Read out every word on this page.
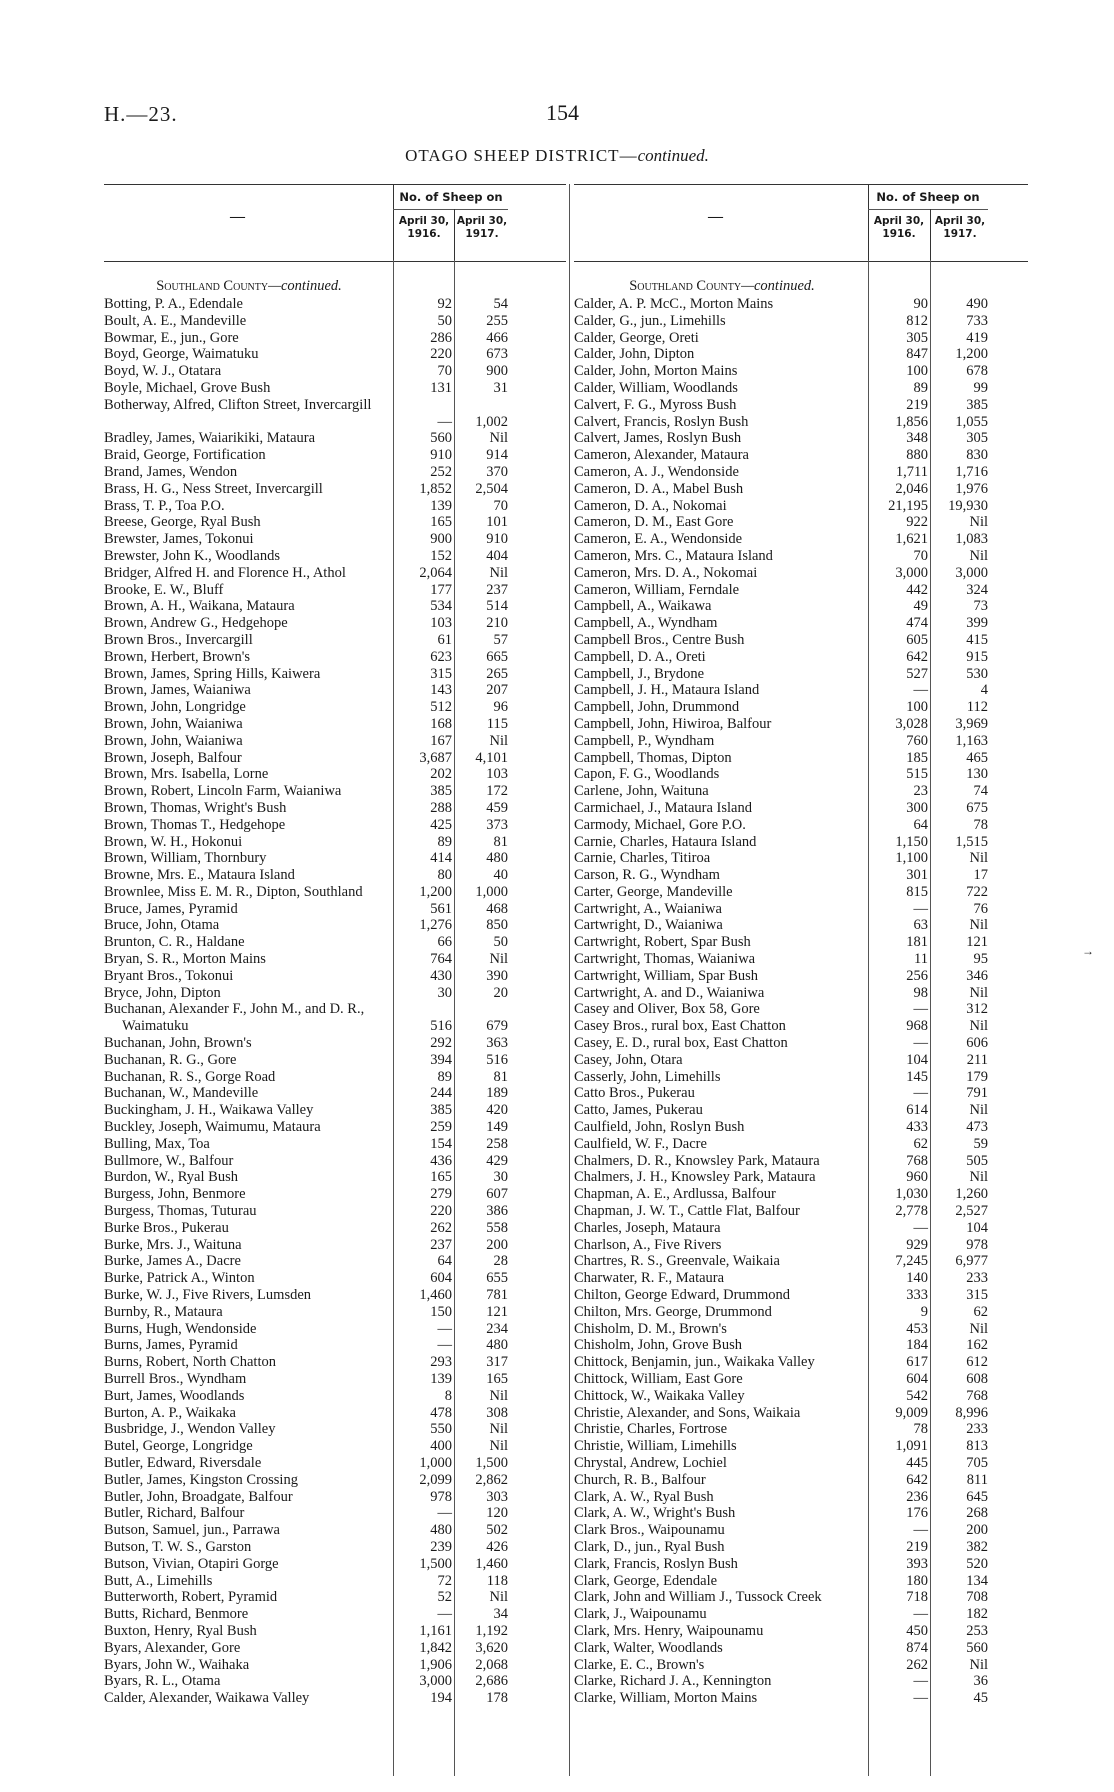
H.—23.	154
OTAGO SHEEP DISTRICT—continued.
—
No. of Sheep on
April 30, 1916.
April 30, 1917.
Southland County—continued.
Botting, P. A., Edendale	92	54
Boult, A. E., Mandeville	50	255
Bowmar, E., jun., Gore	286	466
Boyd, George, Waimatuku	220	673
Boyd, W. J., Otatara	70	900
Boyle, Michael, Grove Bush	131	31
Botherway, Alfred, Clifton Street, Invercargill
—	1,002
Bradley, James, Waiarikiki, Mataura	560	Nil
Braid, George, Fortification	910	914
Brand, James, Wendon	252	370
Brass, H. G., Ness Street, Invercargill	1,852	2,504
Brass, T. P., Toa P.O.	139	70
Breese, George, Ryal Bush	165	101
Brewster, James, Tokonui	900	910
Brewster, John K., Woodlands	152	404
Bridger, Alfred H. and Florence H., Athol	2,064	Nil
Brooke, E. W., Bluff	177	237
Brown, A. H., Waikana, Mataura	534	514
Brown, Andrew G., Hedgehope	103	210
Brown Bros., Invercargill	61	57
Brown, Herbert, Brown's	623	665
Brown, James, Spring Hills, Kaiwera	315	265
Brown, James, Waianiwa	143	207
Brown, John, Longridge	512	96
Brown, John, Waianiwa	168	115
Brown, John, Waianiwa	167	Nil
Brown, Joseph, Balfour	3,687	4,101
Brown, Mrs. Isabella, Lorne	202	103
Brown, Robert, Lincoln Farm, Waianiwa	385	172
Brown, Thomas, Wright's Bush	288	459
Brown, Thomas T., Hedgehope	425	373
Brown, W. H., Hokonui	89	81
Brown, William, Thornbury	414	480
Browne, Mrs. E., Mataura Island	80	40
Brownlee, Miss E. M. R., Dipton, Southland	1,200	1,000
Bruce, James, Pyramid	561	468
Bruce, John, Otama	1,276	850
Brunton, C. R., Haldane	66	50
Bryan, S. R., Morton Mains	764	Nil
Bryant Bros., Tokonui	430	390
Bryce, John, Dipton	30	20
Buchanan, Alexander F., John M., and D. R., Waimatuku	516	679
Buchanan, John, Brown's	292	363
Buchanan, R. G., Gore	394	516
Buchanan, R. S., Gorge Road	89	81
Buchanan, W., Mandeville	244	189
Buckingham, J. H., Waikawa Valley	385	420
Buckley, Joseph, Waimumu, Mataura	259	149
Bulling, Max, Toa	154	258
Bullmore, W., Balfour	436	429
Burdon, W., Ryal Bush	165	30
Burgess, John, Benmore	279	607
Burgess, Thomas, Tuturau	220	386
Burke Bros., Pukerau	262	558
Burke, Mrs. J., Waituna	237	200
Burke, James A., Dacre	64	28
Burke, Patrick A., Winton	604	655
Burke, W. J., Five Rivers, Lumsden	1,460	781
Burnby, R., Mataura	150	121
Burns, Hugh, Wendonside	—	234
Burns, James, Pyramid	—	480
Burns, Robert, North Chatton	293	317
Burrell Bros., Wyndham	139	165
Burt, James, Woodlands	8	Nil
Burton, A. P., Waikaka	478	308
Busbridge, J., Wendon Valley	550	Nil
Butel, George, Longridge	400	Nil
Butler, Edward, Riversdale	1,000	1,500
Butler, James, Kingston Crossing	2,099	2,862
Butler, John, Broadgate, Balfour	978	303
Butler, Richard, Balfour	—	120
Butson, Samuel, jun., Parrawa	480	502
Butson, T. W. S., Garston	239	426
Butson, Vivian, Otapiri Gorge	1,500	1,460
Butt, A., Limehills	72	118
Butterworth, Robert, Pyramid	52	Nil
Butts, Richard, Benmore	—	34
Buxton, Henry, Ryal Bush	1,161	1,192
Byars, Alexander, Gore	1,842	3,620
Byars, John W., Waihaka	1,906	2,068
Byars, R. L., Otama	3,000	2,686
Calder, Alexander, Waikawa Valley	194	178
—
No. of Sheep on
April 30, 1916.
April 30, 1917.
Southland County—continued.
Calder, A. P. McC., Morton Mains	90	490
Calder, G., jun., Limehills	812	733
Calder, George, Oreti	305	419
Calder, John, Dipton	847	1,200
Calder, John, Morton Mains	100	678
Calder, William, Woodlands	89	99
Calvert, F. G., Myross Bush	219	385
Calvert, Francis, Roslyn Bush	1,856	1,055
Calvert, James, Roslyn Bush	348	305
Cameron, Alexander, Mataura	880	830
Cameron, A. J., Wendonside	1,711	1,716
Cameron, D. A., Mabel Bush	2,046	1,976
Cameron, D. A., Nokomai	21,195	19,930
Cameron, D. M., East Gore	922	Nil
Cameron, E. A., Wendonside	1,621	1,083
Cameron, Mrs. C., Mataura Island	70	Nil
Cameron, Mrs. D. A., Nokomai	3,000	3,000
Cameron, William, Ferndale	442	324
Campbell, A., Waikawa	49	73
Campbell, A., Wyndham	474	399
Campbell Bros., Centre Bush	605	415
Campbell, D. A., Oreti	642	915
Campbell, J., Brydone	527	530
Campbell, J. H., Mataura Island	—	4
Campbell, John, Drummond	100	112
Campbell, John, Hiwiroa, Balfour	3,028	3,969
Campbell, P., Wyndham	760	1,163
Campbell, Thomas, Dipton	185	465
Capon, F. G., Woodlands	515	130
Carlene, John, Waituna	23	74
Carmichael, J., Mataura Island	300	675
Carmody, Michael, Gore P.O.	64	78
Carnie, Charles, Hataura Island	1,150	1,515
Carnie, Charles, Titiroa	1,100	Nil
Carson, R. G., Wyndham	301	17
Carter, George, Mandeville	815	722
Cartwright, A., Waianiwa	—	76
Cartwright, D., Waianiwa	63	Nil
Cartwright, Robert, Spar Bush	181	121
Cartwright, Thomas, Waianiwa	11	95
Cartwright, William, Spar Bush	256	346
Cartwright, A. and D., Waianiwa	98	Nil
Casey and Oliver, Box 58, Gore	—	312
Casey Bros., rural box, East Chatton	968	Nil
Casey, E. D., rural box, East Chatton	—	606
Casey, John, Otara	104	211
Casserly, John, Limehills	145	179
Catto Bros., Pukerau	—	791
Catto, James, Pukerau	614	Nil
Caulfield, John, Roslyn Bush	433	473
Caulfield, W. F., Dacre	62	59
Chalmers, D. R., Knowsley Park, Mataura	768	505
Chalmers, J. H., Knowsley Park, Mataura	960	Nil
Chapman, A. E., Ardlussa, Balfour	1,030	1,260
Chapman, J. W. T., Cattle Flat, Balfour	2,778	2,527
Charles, Joseph, Mataura	—	104
Charlson, A., Five Rivers	929	978
Chartres, R. S., Greenvale, Waikaia	7,245	6,977
Charwater, R. F., Mataura	140	233
Chilton, George Edward, Drummond	333	315
Chilton, Mrs. George, Drummond	9	62
Chisholm, D. M., Brown's	453	Nil
Chisholm, John, Grove Bush	184	162
Chittock, Benjamin, jun., Waikaka Valley	617	612
Chittock, William, East Gore	604	608
Chittock, W., Waikaka Valley	542	768
Christie, Alexander, and Sons, Waikaia	9,009	8,996
Christie, Charles, Fortrose	78	233
Christie, William, Limehills	1,091	813
Chrystal, Andrew, Lochiel	445	705
Church, R. B., Balfour	642	811
Clark, A. W., Ryal Bush	236	645
Clark, A. W., Wright's Bush	176	268
Clark Bros., Waipounamu	—	200
Clark, D., jun., Ryal Bush	219	382
Clark, Francis, Roslyn Bush	393	520
Clark, George, Edendale	180	134
Clark, John and William J., Tussock Creek	718	708
Clark, J., Waipounamu	—	182
Clark, Mrs. Henry, Waipounamu	450	253
Clark, Walter, Woodlands	874	560
Clarke, E. C., Brown's	262	Nil
Clarke, Richard J. A., Kennington	—	36
Clarke, William, Morton Mains	—	45
→
